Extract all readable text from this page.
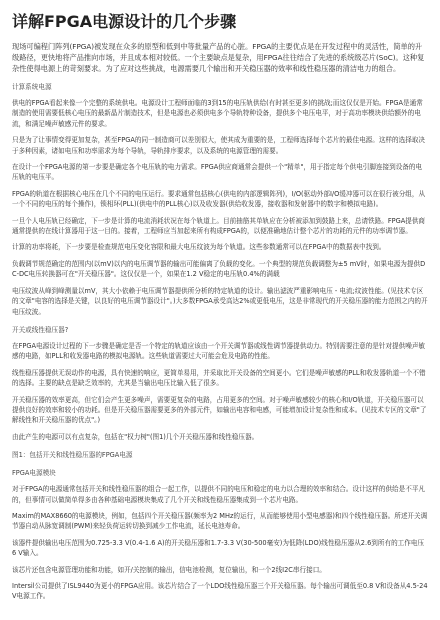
详解FPGA电源设计的几个步骤

现场可编程门阵列(FPGA)被发现在众多的原型和低到中等批量产品的心脏。FPGA的主要优点是在开发过程中的灵活性，简单的升级路径，更快地将产品推向市场，并且成本相对较低。一个主要缺点是复杂，用FPGA往往结合了先进的系统级芯片(SoC)。这种复杂性使得电源上的苛刻要求。为了应对这些挑战，电源需要几个输出和开关稳压器的效率和线性稳压器的清洁电力的组合。

计算系统电源

供电的FPGA看起来像一个完整的系统供电。电源设计工程师面临的3到15的电压轨供给(有时甚至更多)的挑战;而这仅仅是开始。FPGA是通常制造的使用需要低核心电压的最新晶片制造技术，但是电源也必须供电多个导轨特种设备，提供多个电压电平，对于高功率模块供给额外的电流，和满足噪声敏感元件的要求。

只是为了让事情变得更加复杂，甚至FPGA的同一制造商可以差别很大，使其成为重要的是，工程师选择每个芯片的最佳电源。这样的选择取决于多种因素，诸如电压和功率需求为每个导轨，导轨排序要求，以及系统的电源管理的需要。

在设计一个FPGA电源的第一步要是确定各个电压轨的电力需求。FPGA供应商通常会提供一个"精单"，用于指定每个供电引脚连接到设备的电压轨的电压平。

FPGA的轨道在根据核心电压在几个不同的电压运行。要求通常包括核心(供电的内部逻辑阵列)，I/O(驱动外部I/O缓冲器可以在很行被分组，从一个不同的电压的每个操作)，锁相环(PLL)(供电中的PLL核心)以及收发器(供给收发器，接收器和发射器中的数字和模拟电路)。

一旦个人电压轨已经确定，下一步是计算的电流消耗状况在每个轨道上。目前抽筋其单轨应在分析被添加到鼓路上来，总请铁路。FPGA提供商通常提供的在线计算器用于这一目的。接着，工程师应当加起来所有构成FPGA的，以便准确地估计整个芯片的功耗的元件的功率调节器。

计算的功率将耗，下一步要是检查规范电压变化容限和最大电压纹波为每个轨道。这些参数通常可以在FPGA中的数据表中找到。

负载调节规范确定的范围内(以mV)以内的电压调节器的输出可能偏离了负载的变化。一个典型的规范负载调整为±5 mV时，如果电源为提供DC-DC电压转换器可在"开关稳压器"。这仅仅是一个，如果在1.2 V稳定的电压轨0.4%的满载

电压纹波从峰到峰测量以mV，其大小依赖于电压调节器提供所分析的特定轨道的设计。输出滤波严重影响电压 - 电流;纹波性能。(见技术专区的文章"电容的选择是关键，以良好的电压调节器设计"。)大多数FPGA承受高达2%或更低电压，这是非常现代的开关稳压器的能力范围之内的开电压纹波。

开关或线性稳压器?

在FPGA电源设计过程的下一步骤是确定是否一个特定的轨道应该由一个开关调节器或线性调节器提供动力。特别需要注意的是针对提供噪声敏感的电路，如PLL和收发器电路的模拟电源轨。这些轨道需要过大可能会危及电路的性能。

线性稳压器提供无误动作的电源，具有快速的响应，更简单易用，并采取比开关设备的空间更小。它们是噪声敏感的PLL和收发器轨道一个不错的选择。主要的缺点是缺乏效率的，尤其是当输出电压比输入低了很多。

开关稳压器的效率更高，但它们会产生更多噪声，需要更复杂的电路，占用更多的空间。对于噪声敏感较少的核心和I/O轨道，开关稳压器可以提供良好的效率和较小的功耗。但是开关稳压器需要更多的外部元件，如输出电容和电感，可能增加设计复杂性和成本。(见技术专区的文章"了解线性和开关稳压器的优点"。)

由此产生的电源可以有点复杂，包括在"权力树"(图1)几个开关稳压器和线性稳压器。

图1：包括开关和线性稳压器的FPGA电源

FPGA电源模块

对于FPGA的电源通常包括开关和线性稳压器的组合一起工作，以提供不同的电压和稳定的电力以合理的效率和结合。设计这样的供给是不平凡的，但事情可以做简单得多由各种基础电源模块集成了几个开关和线性稳压器集成到一个芯片电路。

Maxim的MAX8660的电源模块，例如，包括四个开关稳压器(频率为2 MHz的运行，从而能够使用小型电感器)和四个线性稳压器。所述开关调节器自动从脉宽调制(PWM)来轻负荷运转切换到减少工作电流，延长电池寿命。

该器件提供输出电压范围为0.725-3.3 V(0.4-1.6 A)的开关稳压器和1.7-3.3 V(30-500毫安)为低降(LDO)线性稳压器从2.6到所有的工作电压6 V输入。

该芯片还包含电源管理功能和功能，如开/关控制的输出，信电池检测，复位输出，和一个2线I2C串行接口。

Intersil公司提供了ISL9440为更小的FPGA应用。该芯片结合了一个LDO线性稳压器三个开关稳压器。每个输出可调低至0.8 V和设备从4.5-24 V电源工作。
